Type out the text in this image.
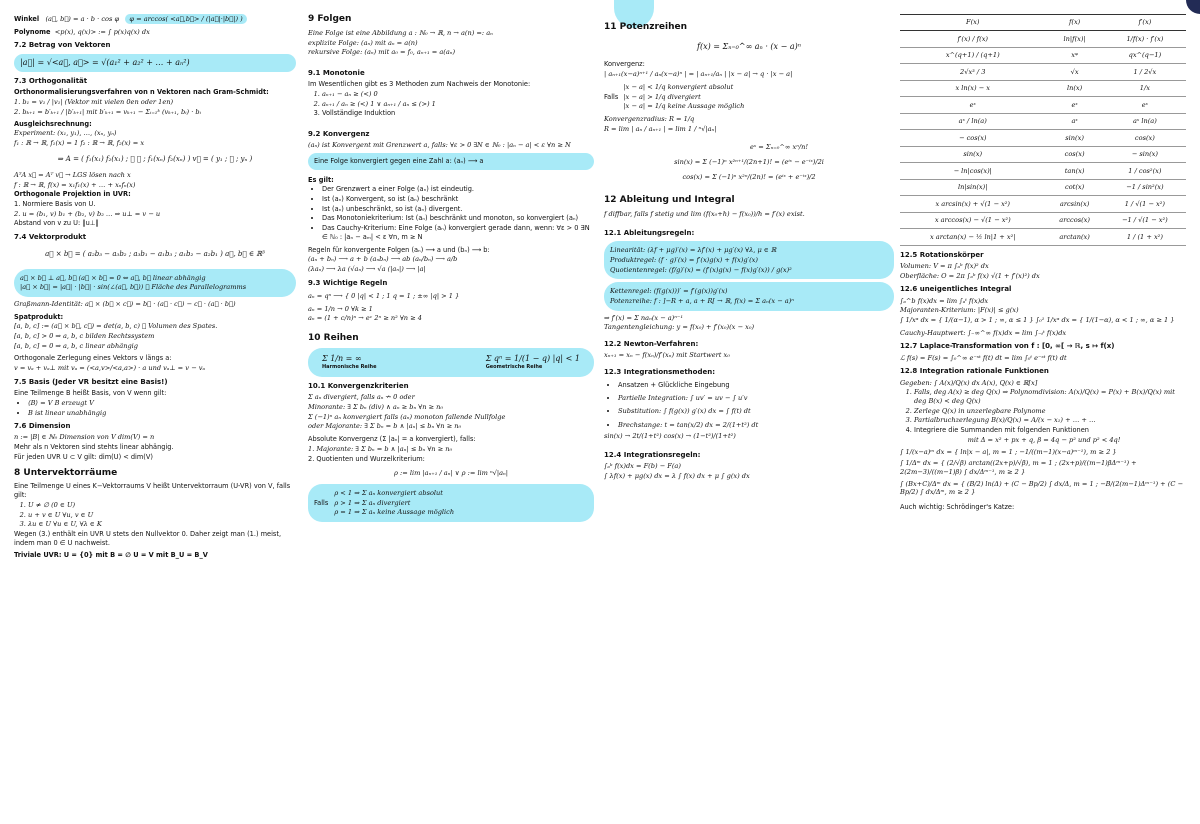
Winkel (a⃗, b⃗) = a · b · cos φ φ = arccos( <a⃗,b⃗> / (|a⃗|·|b⃗|) )

Polynome <p(x), q(x)> := ∫ p(x)q(x) dx

7.2 Betrag von Vektoren
|a⃗| = √<a⃗, a⃗> = √(a₁² + a₂² + … + aₙ²)
7.3 Orthogonalität

Orthonormalisierungsverfahren von n Vektoren nach Gram-Schmidt:

1. b₁ = v₁ / |v₁| (Vektor mit vielen 0en oder 1en)

2. bₖ₊₁ = b′ₖ₊₁ / |b′ₖ₊₁| mit b′ₖ₊₁ = vₖ₊₁ − Σᵢ₌₁ᵏ (vₖ₊₁, bᵢ) · bᵢ

Ausgleichsrechnung:

Experiment: (x₁, y₁), …, (xₙ, yₙ)

f₁ : ℝ → ℝ, f₁(x) = 1 f₂ : ℝ → ℝ, f₂(x) = x

⇒ A = ( f₁(x₁) f₂(x₁) ; ⋮ ⋮ ; f₁(xₙ) f₂(xₙ) ) v⃗ = ( y₁ ; ⋮ ; yₙ )

AᵀA x⃗ = Aᵀ v⃗ → LGS lösen nach x

f : ℝ → ℝ, f(x) = x₁f₁(x) + … + xₙfₙ(x)

Orthogonale Projektion in UVR:

1. Normiere Basis von U.

2. u = (b₁, v) b₁ + (b₂, v) b₂ … ⇒ u⊥ = v − u

Abstand von v zu U: ‖u⊥‖

7.4 Vektorprodukt
a⃗ × b⃗ = ( a₂b₃ − a₃b₂ ; a₃b₁ − a₁b₃ ; a₁b₂ − a₂b₁ ) a⃗, b⃗ ∈ ℝ³

a⃗ × b⃗ ⊥ a⃗, b⃗ (a⃗ × b⃗ = 0 ⇔ a⃗, b⃗ linear abhängig

|a⃗ × b⃗| = |a⃗| · |b⃗| · sin(∠(a⃗, b⃗)) ≙ Fläche des Parallelogramms

Graßmann-Identität: a⃗ × (b⃗ × c⃗) = b⃗ · (a⃗ · c⃗) − c⃗ · (a⃗ · b⃗)

Spatprodukt:

[a, b, c] := (a⃗ × b⃗, c⃗) = det(a, b, c) ≙ Volumen des Spates.

[a, b, c] > 0 ⇒ a, b, c bilden Rechtssystem

[a, b, c] = 0 ⇒ a, b, c linear abhängig

Orthogonale Zerlegung eines Vektors v längs a:

v = vₐ + vₐ⊥ mit vₐ = (<a,v>/<a,a>) · a und vₐ⊥ = v − vₐ

7.5 Basis (Jeder VR besitzt eine Basis!)

Eine Teilmenge B heißt Basis, von V wenn gilt:

• ⟨B⟩ = V B erzeugt V
• B ist linear unabhängig
7.6 Dimension

n := |B| ∈ ℕ₀ Dimension von V dim(V) = n

Mehr als n Vektoren sind stehts linear abhängig.

Für jeden UVR U ⊂ V gilt: dim(U) < dim(V)

8 Untervektorräume

Eine Teilmenge U eines K−Vektorraums V heißt Untervektorraum (U-VR) von V, falls gilt:

1. U ≠ ∅ (0 ∈ U)
2. u + v ∈ U ∀u, v ∈ U
3. λu ∈ U ∀u ∈ U, ∀λ ∈ K

Wegen (3.) enthält ein UVR U stets den Nullvektor 0. Daher zeigt man (1.) meist, indem man 0 ∈ U nachweist.

Triviale UVR: U = {0} mit B = ∅ U = V mit B_U = B_V

9 Folgen

Eine Folge ist eine Abbildung a : ℕ₀ → ℝ, n → a(n) =: aₙ

explizite Folge: (aₙ) mit aₙ = a(n)

rekursive Folge: (aₙ) mit a₀ = f₀, aₙ₊₁ = a(aₙ)

9.1 Monotonie

Im Wesentlichen gibt es 3 Methoden zum Nachweis der Monotonie:

1. aₙ₊₁ − aₙ ≥ (<) 0
2. aₙ₊₁ / aₙ ≥ (<) 1 ∨ aₙ₊₁ / aₙ ≤ (>) 1
3. Vollständige Induktion
9.2 Konvergenz

(aₙ) ist Konvergent mit Grenzwert a, falls: ∀ε > 0 ∃N ∈ ℕ₀ : |aₙ − a| < ε ∀n ≥ N

Eine Folge konvergiert gegen eine Zahl a: (aₙ) ⟶ a

Es gilt:

• Der Grenzwert a einer Folge (aₙ) ist eindeutig.
• Ist (aₙ) Konvergent, so ist (aₙ) beschränkt
• Ist (aₙ) unbeschränkt, so ist (aₙ) divergent.
• Das Monotoniekriterium: Ist (aₙ) beschränkt und monoton, so konvergiert (aₙ)
• Das Cauchy-Kriterium: Eine Folge (aₙ) konvergiert gerade dann, wenn: ∀ε > 0 ∃N ∈ ℕ₀ : |aₙ − aₘ| < ε ∀n, m ≥ N

Regeln für konvergente Folgen (aₙ) ⟶ a und (bₙ) ⟶ b:

(aₙ + bₙ) ⟶ a + b (aₙbₙ) ⟶ ab (aₙ/bₙ) ⟶ a/b

(λaₙ) ⟶ λa (√aₙ) ⟶ √a (|aₙ|) ⟶ |a|

9.3 Wichtige Regeln

aₙ = qⁿ ⟶ { 0 |q| < 1 ; 1 q = 1 ; ±∞ |q| > 1 }

aₙ = 1/n → 0 ∀k ≥ 1

aₙ = (1 + c/n)ⁿ → eᶜ 2ⁿ ≥ n² ∀n ≥ 4

10 Reihen
Σ 1/n = ∞
Harmonische Reihe
Σ qⁿ = 1/(1 − q) |q| < 1
Geometrische Reihe
10.1 Konvergenzkriterien

Σ aₙ divergiert, falls aₙ ↛ 0 oder

Minorante: ∃ Σ bₙ (div) ∧ aₙ ≥ bₙ ∀n ≥ n₀

Σ (−1)ⁿ aₙ konvergiert falls (aₙ) monoton fallende Nullfolge

oder Majorante: ∃ Σ bₙ = b ∧ |aₙ| ≤ bₙ ∀n ≥ n₀

Absolute Konvergenz (Σ |aₙ| = a konvergiert), falls:

1. Majorante: ∃ Σ bₙ = b ∧ |aₙ| ≤ bₙ ∀n ≥ n₀

2. Quotienten und Wurzelkriterium:

ρ := lim |aₙ₊₁ / aₙ| ∨ ρ := lim ⁿ√|aₙ|

Falls

ρ < 1 ⇒ Σ aₙ konvergiert absolut

ρ > 1 ⇒ Σ aₙ divergiert

ρ = 1 ⇒ Σ aₙ keine Aussage möglich

11 Potenzreihen

f(x) = Σₙ₌₀^∞ aₙ · (x − a)ⁿ

Konvergenz:

| aₙ₊₁(x−a)ⁿ⁺¹ / aₙ(x−a)ⁿ | = | aₙ₊₁/aₙ | |x − a| → q · |x − a|

Falls

|x − a| < 1/q konvergiert absolut

|x − a| > 1/q divergiert

|x − a| = 1/q keine Aussage möglich

Konvergenzradius: R = 1/q

R = lim | aₙ / aₙ₊₁ | = lim 1 / ⁿ√|aₙ|

eˣ = Σₙ₌₀^∞ xⁿ/n!

sin(x) = Σ (−1)ⁿ x²ⁿ⁺¹/(2n+1)! = (eⁱˣ − e⁻ⁱˣ)/2i

cos(x) = Σ (−1)ⁿ x²ⁿ/(2n)! = (eⁱˣ + e⁻ⁱˣ)/2

12 Ableitung und Integral

f diffbar, falls f stetig und lim (f(x₀+h) − f(x₀))/h = f′(x) exist.

12.1 Ableitungsregeln:

Linearität: (λf + μg)′(x) = λf′(x) + μg′(x) ∀λ, μ ∈ ℝ

Produktregel: (f · g)′(x) = f′(x)g(x) + f(x)g′(x)

Quotientenregel: (f/g)′(x) = (f′(x)g(x) − f(x)g′(x)) / g(x)²

Kettenregel: (f(g(x)))′ = f′(g(x))g′(x)

Potenzreihe: f : ]−R + a, a + R[ → ℝ, f(x) = Σ aₙ(x − a)ⁿ

⇒ f′(x) = Σ naₙ(x − a)ⁿ⁻¹

Tangentengleichung: y = f(x₀) + f′(x₀)(x − x₀)

12.2 Newton-Verfahren:

xₙ₊₁ = xₙ − f(xₙ)/f′(xₙ) mit Startwert x₀

12.3 Integrationsmethoden:
• Ansatzen + Glückliche Eingebung
• Partielle Integration: ∫ uv′ = uv − ∫ u′v
• Substitution: ∫ f(g(x)) g′(x) dx = ∫ f(t) dt
• Brechstange: t = tan(x/2) dx = 2/(1+t²) dt

sin(x) → 2t/(1+t²) cos(x) → (1−t²)/(1+t²)

12.4 Integrationsregeln:

∫ₐᵇ f(x)dx = F(b) − F(a)

∫ λf(x) + μg(x) dx = λ ∫ f(x) dx + μ ∫ g(x) dx

F(x)	f(x)	f′(x)
f′(x) / f(x)	ln|f(x)|	1/f(x) · f′(x)
x^(q+1) / (q+1)	xᵠ	qx^(q−1)
2√x³ / 3	√x	1 / 2√x
x ln(x) − x	ln(x)	1/x
eˣ	eˣ	eˣ
aˣ / ln(a)	aˣ	aˣ ln(a)
− cos(x)	sin(x)	cos(x)
sin(x)	cos(x)	− sin(x)
− ln|cos(x)|	tan(x)	1 / cos²(x)
ln|sin(x)|	cot(x)	−1 / sin²(x)
x arcsin(x) + √(1 − x²)	arcsin(x)	1 / √(1 − x²)
x arccos(x) − √(1 − x²)	arccos(x)	−1 / √(1 − x²)
x arctan(x) − ½ ln|1 + x²|	arctan(x)	1 / (1 + x²)
12.5 Rotationskörper

Volumen: V = π ∫ₐᵇ f(x)² dx

Oberfläche: O = 2π ∫ₐᵇ f(x) √(1 + f′(x)²) dx

12.6 uneigentliches Integral

∫ₐ^b f(x)dx = lim ∫ₐᵗ f(x)dx

Majoranten-Kriterium: |F(x)| ≤ g(x)

∫ 1/xᵅ dx = { 1/(α−1), α > 1 ; ∞, α ≤ 1 } ∫₀¹ 1/xᵅ dx = { 1/(1−α), α < 1 ; ∞, α ≥ 1 }

Cauchy-Hauptwert: ∫₋∞^∞ f(x)dx = lim ∫₋ₜᵗ f(x)dx

12.7 Laplace-Transformation von f : [0, ∞[ → ℝ, s ↦ f(x)

ℒ f(s) = F(s) = ∫₀^∞ e⁻ˢᵗ f(t) dt = lim ∫₀ᵗ e⁻ˢᵗ f(t) dt

12.8 Integration rationale Funktionen

Gegeben: ∫ A(x)/Q(x) dx A(x), Q(x) ∈ ℝ[x]

1. Falls, deg A(x) ≥ deg Q(x) ⇒ Polynomdivision: A(x)/Q(x) = P(x) + B(x)/Q(x) mit deg B(x) < deg Q(x)
2. Zerlege Q(x) in unzerlegbare Polynome
3. Partialbruchzerlegung B(x)/Q(x) = A/(x − x₁) + … + …
4. Integriere die Summanden mit folgenden Funktionen

mit Δ = x² + px + q, β = 4q − p² und p² < 4q!

∫ 1/(x−a)ᵐ dx = { ln|x − a|, m = 1 ; −1/((m−1)(x−a)ᵐ⁻¹), m ≥ 2 }

∫ 1/Δᵐ dx = { (2/√β) arctan((2x+p)/√β), m = 1 ; (2x+p)/((m−1)βΔᵐ⁻¹) + 2(2m−3)/((m−1)β) ∫ dx/Δᵐ⁻¹, m ≥ 2 }

∫ (Bx+C)/Δᵐ dx = { (B/2) ln(Δ) + (C − Bp/2) ∫ dx/Δ, m = 1 ; −B/(2(m−1)Δᵐ⁻¹) + (C − Bp/2) ∫ dx/Δᵐ, m ≥ 2 }

Auch wichtig: Schrödinger's Katze:
